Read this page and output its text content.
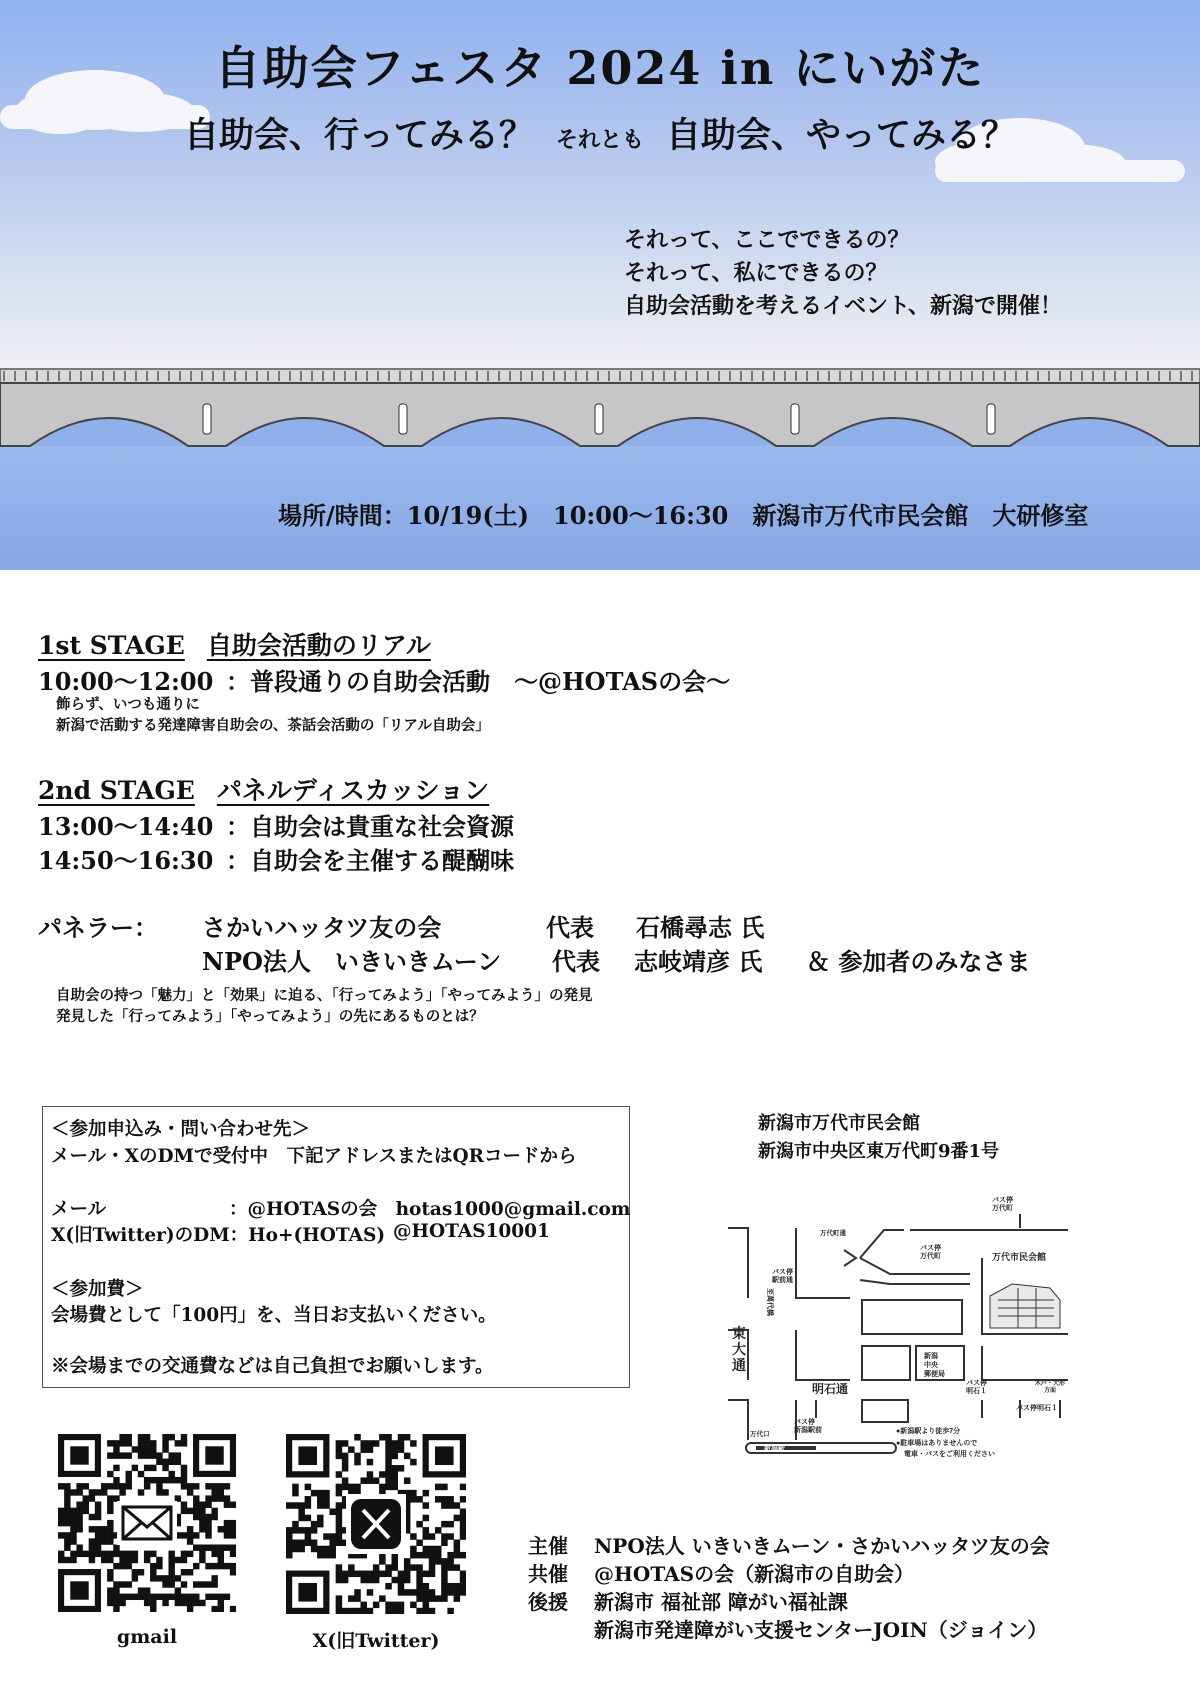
自助会フェスタ 2024 in にいがた
自助会、行ってみる？ それとも 自助会、やってみる？
それって、ここでできるの？
それって、私にできるの？
自助会活動を考えるイベント、新潟で開催！
場所/時間：10/19(土)　10:00～16:30　新潟市万代市民会館　大研修室
1st STAGE 自助会活動のリアル
10:00～12:00 ：普段通りの自助会活動　～@HOTASの会～
飾らず、いつも通りに
新潟で活動する発達障害自助会の、茶話会活動の「リアル自助会」
2nd STAGE パネルディスカッション
13:00～14:40 ：自助会は貴重な社会資源
14:50～16:30 ：自助会を主催する醍醐味
パネラー： さかいハッタツ友の会	代表 石橋尋志 氏
NPO法人　いきいきムーン 代表 志岐靖彦 氏 ＆ 参加者のみなさま
自助会の持つ「魅力」と「効果」に迫る、「行ってみよう」「やってみよう」の発見
発見した「行ってみよう」「やってみよう」の先にあるものとは？
＜参加申込み・問い合わせ先＞
メール・XのDMで受付中　下記アドレスまたはQRコードから
メール	：@HOTASの会　hotas1000@gmail.com
X(旧Twitter)のDM：Ho+(HOTAS) @HOTAS10001
＜参加費＞
会場費として「100円」を、当日お支払いください。
※会場までの交通費などは自己負担でお願いします。
新潟市万代市民会館
新潟市中央区東万代町9番1号
新潟駅
万代口
万代市民会館
万代町通
バス停
万代町
バス停
万代町
バス停
駅前通
至萬代橋
東
大
通
新潟
中央
郵便局
明石通	バス停
明石１
木戸・大形
方面
バス停明石１
バス停
新潟駅前	●新潟駅より徒歩7分
●駐車場はありませんので
電車・バスをご利用ください
gmail	X(旧Twitter)
主催 NPO法人 いきいきムーン・さかいハッタツ友の会
共催 @HOTASの会（新潟市の自助会）
後援 新潟市 福祉部 障がい福祉課
新潟市発達障がい支援センターJOIN（ジョイン）
